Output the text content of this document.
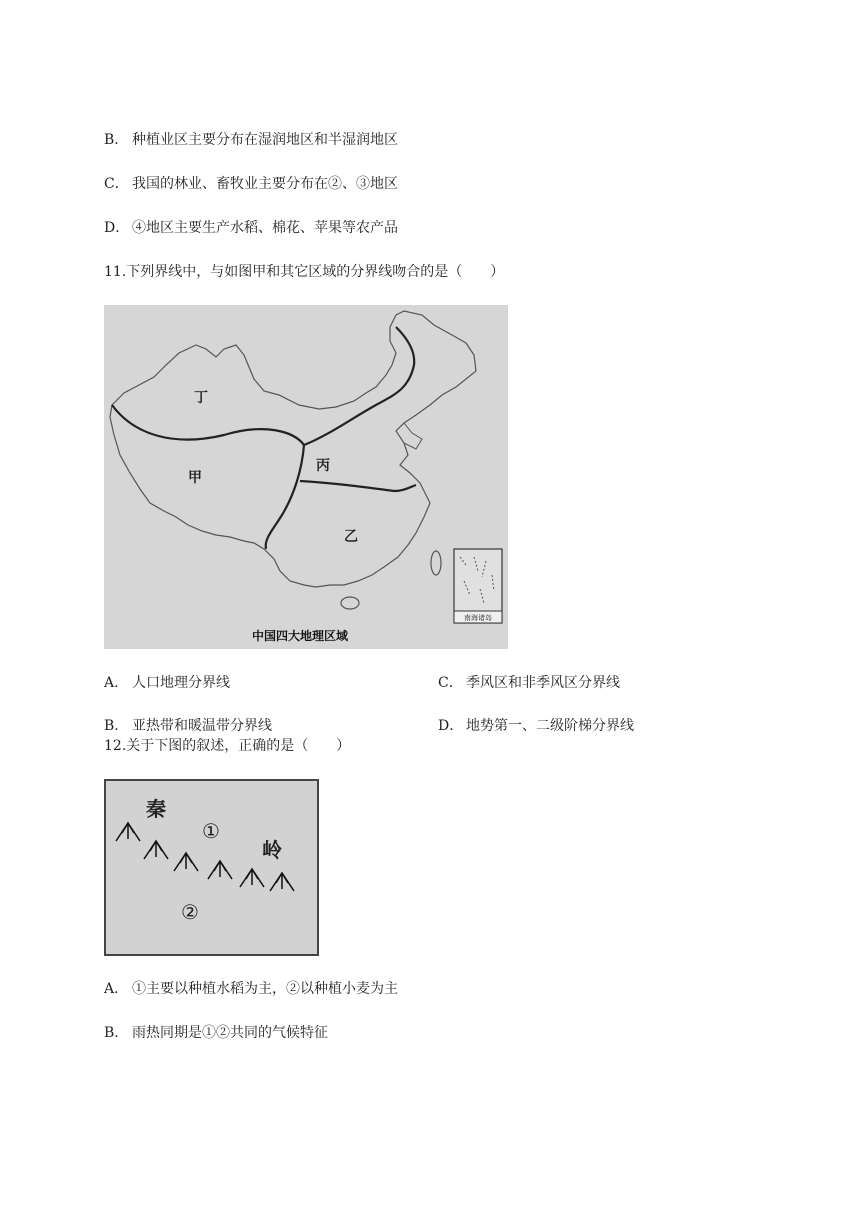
B． 种植业区主要分布在湿润地区和半湿润地区
C． 我国的林业、畜牧业主要分布在②、③地区
D． ④地区主要生产水稻、棉花、苹果等农产品
11.下列界线中，与如图甲和其它区域的分界线吻合的是（　　）
丁
甲
丙
乙
南海诸岛
中国四大地理区域
A． 人口地理分界线	C． 季风区和非季风区分界线
B． 亚热带和暖温带分界线	D． 地势第一、二级阶梯分界线
12.关于下图的叙述，正确的是（　　）
秦
岭
①
②
A． ①主要以种植水稻为主，②以种植小麦为主
B． 雨热同期是①②共同的气候特征
